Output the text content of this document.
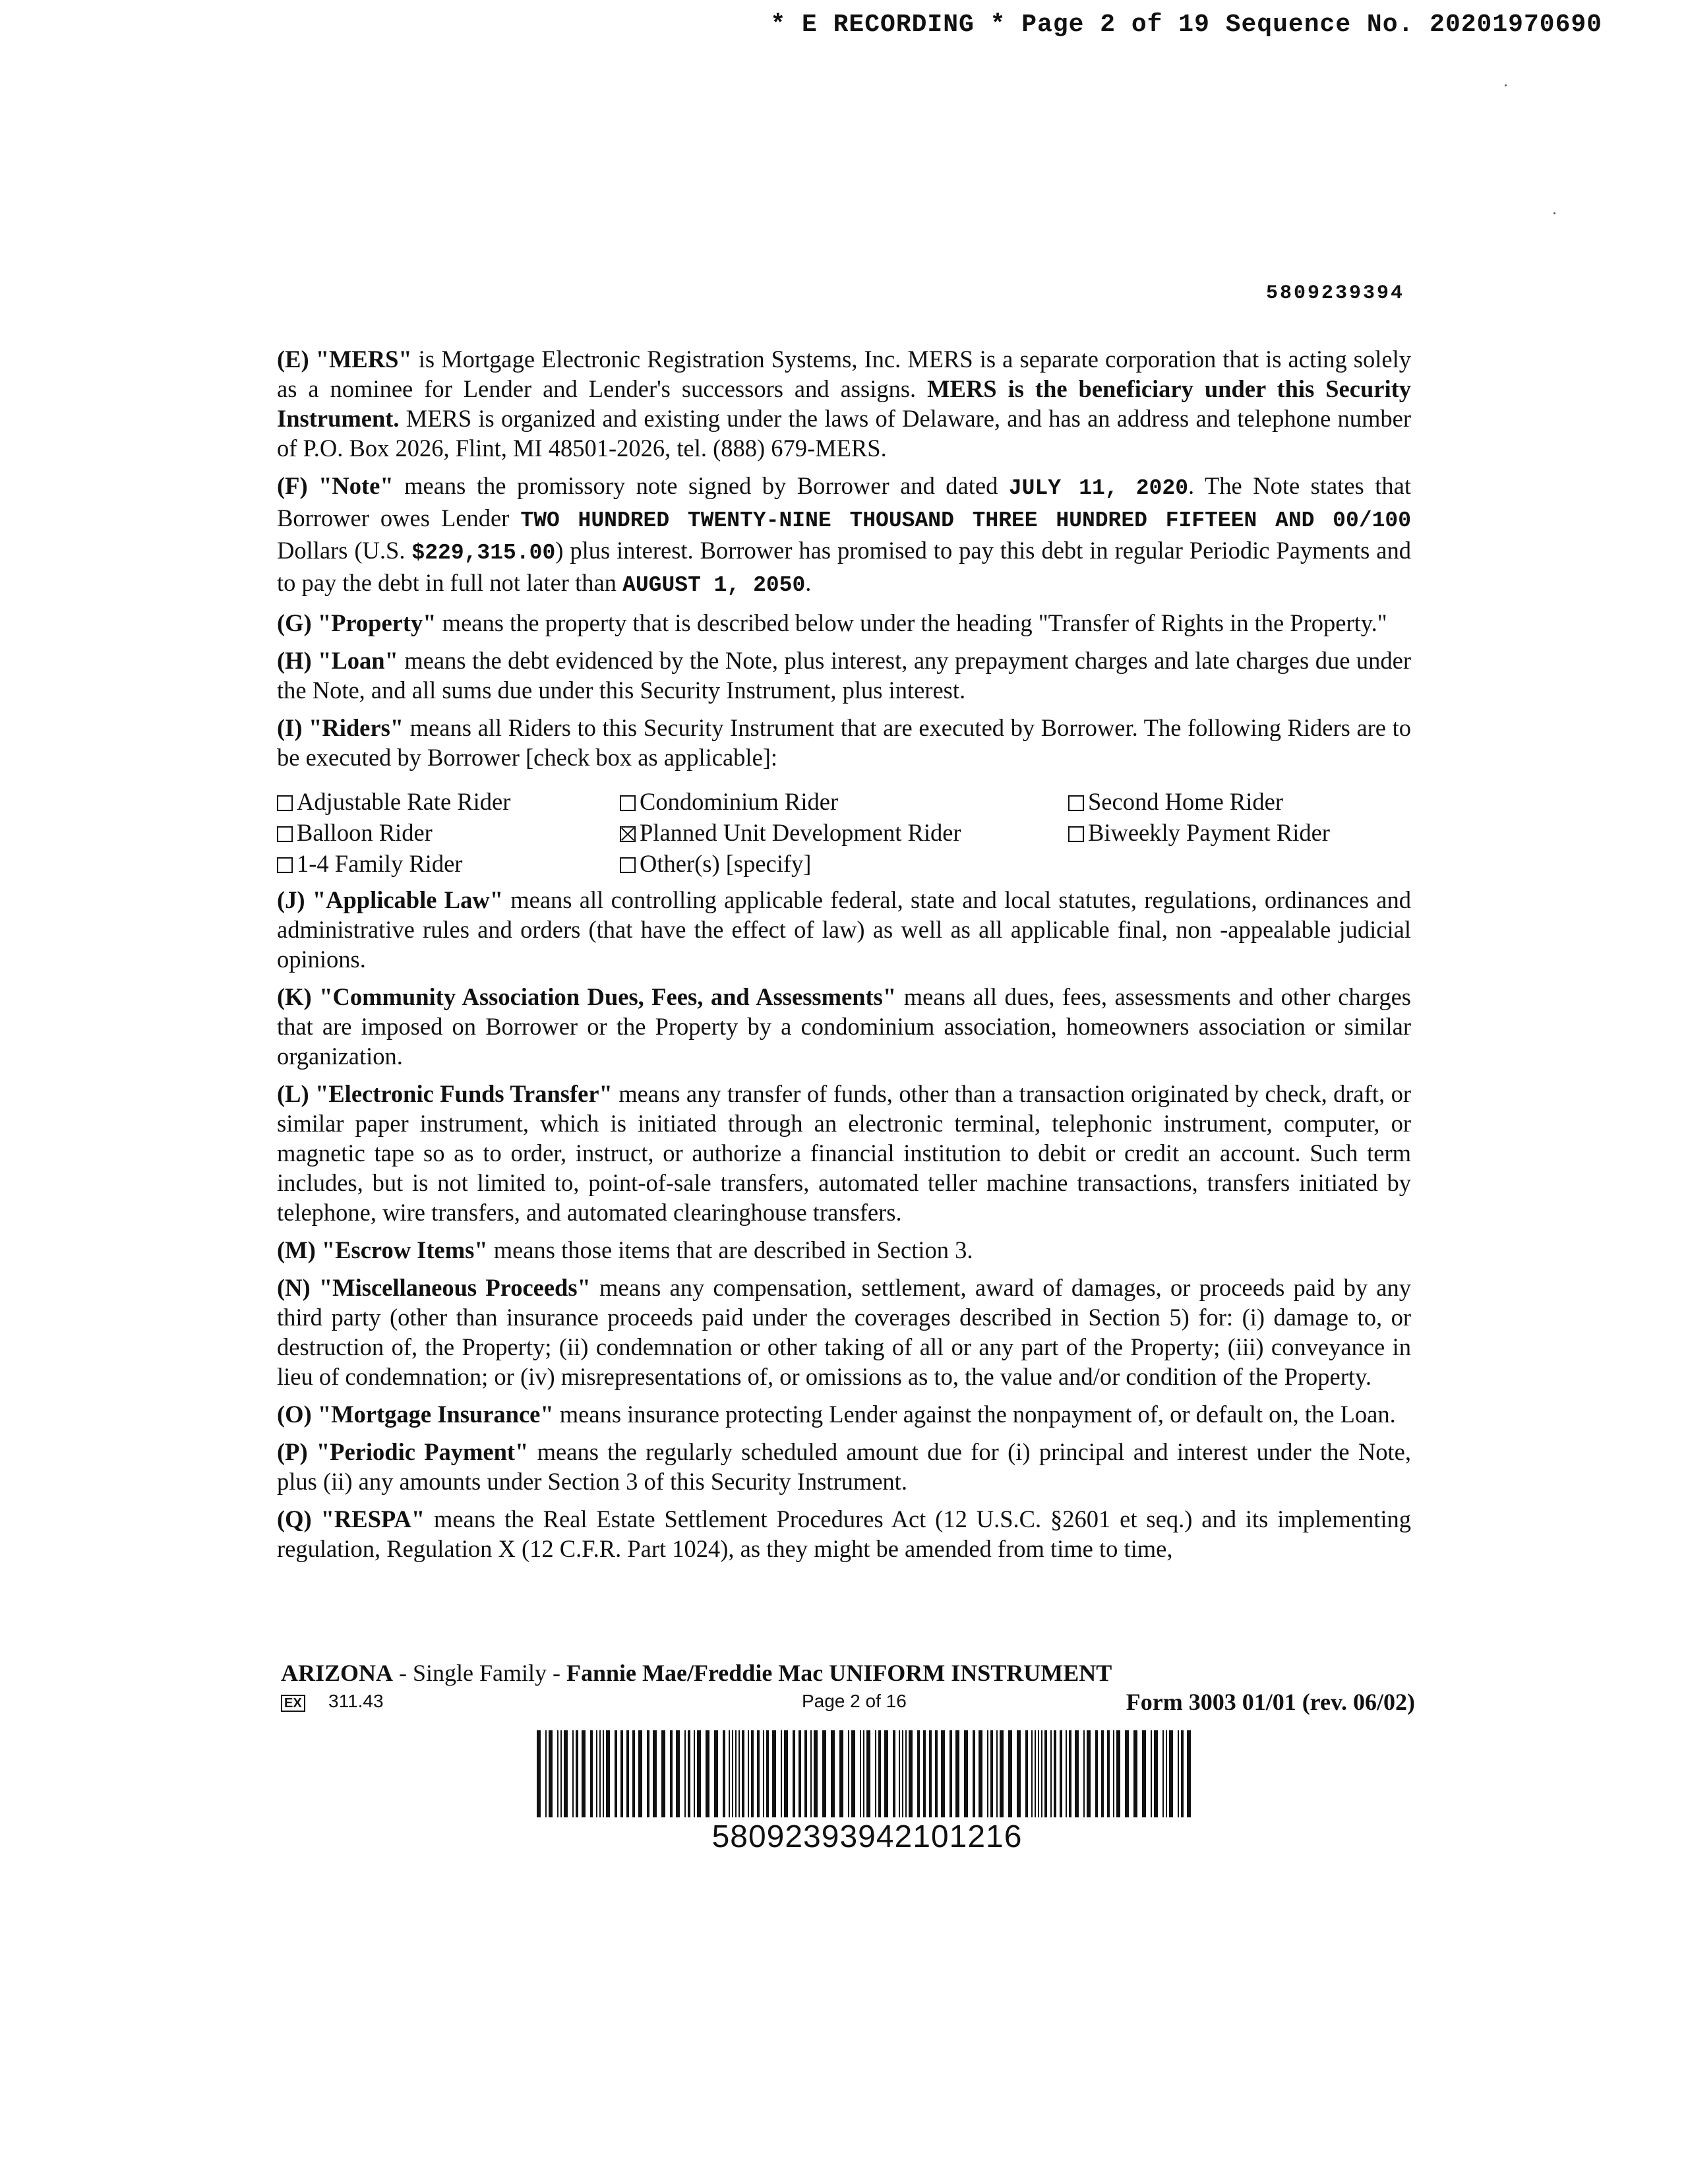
* E RECORDING * Page 2 of 19 Sequence No. 20201970690
5809239394

(E) "MERS" is Mortgage Electronic Registration Systems, Inc. MERS is a separate corporation that is acting solely as a nominee for Lender and Lender's successors and assigns. MERS is the beneficiary under this Security Instrument. MERS is organized and existing under the laws of Delaware, and has an address and telephone number of P.O. Box 2026, Flint, MI 48501-2026, tel. (888) 679-MERS.

(F) "Note" means the promissory note signed by Borrower and dated JULY 11, 2020. The Note states that Borrower owes Lender TWO HUNDRED TWENTY-NINE THOUSAND THREE HUNDRED FIFTEEN AND 00/100 Dollars (U.S. $229,315.00) plus interest. Borrower has promised to pay this debt in regular Periodic Payments and to pay the debt in full not later than AUGUST 1, 2050.

(G) "Property" means the property that is described below under the heading "Transfer of Rights in the Property."

(H) "Loan" means the debt evidenced by the Note, plus interest, any prepayment charges and late charges due under the Note, and all sums due under this Security Instrument, plus interest.

(I) "Riders" means all Riders to this Security Instrument that are executed by Borrower. The following Riders are to be executed by Borrower [check box as applicable]:

Adjustable Rate Rider	Condominium Rider	Second Home Rider
Balloon Rider	Planned Unit Development Rider	Biweekly Payment Rider
1-4 Family Rider	Other(s) [specify]

(J) "Applicable Law" means all controlling applicable federal, state and local statutes, regulations, ordinances and administrative rules and orders (that have the effect of law) as well as all applicable final, non -appealable judicial opinions.

(K) "Community Association Dues, Fees, and Assessments" means all dues, fees, assessments and other charges that are imposed on Borrower or the Property by a condominium association, homeowners association or similar organization.

(L) "Electronic Funds Transfer" means any transfer of funds, other than a transaction originated by check, draft, or similar paper instrument, which is initiated through an electronic terminal, telephonic instrument, computer, or magnetic tape so as to order, instruct, or authorize a financial institution to debit or credit an account. Such term includes, but is not limited to, point-of-sale transfers, automated teller machine transactions, transfers initiated by telephone, wire transfers, and automated clearinghouse transfers.

(M) "Escrow Items" means those items that are described in Section 3.

(N) "Miscellaneous Proceeds" means any compensation, settlement, award of damages, or proceeds paid by any third party (other than insurance proceeds paid under the coverages described in Section 5) for: (i) damage to, or destruction of, the Property; (ii) condemnation or other taking of all or any part of the Property; (iii) conveyance in lieu of condemnation; or (iv) misrepresentations of, or omissions as to, the value and/or condition of the Property.

(O) "Mortgage Insurance" means insurance protecting Lender against the nonpayment of, or default on, the Loan.

(P) "Periodic Payment" means the regularly scheduled amount due for (i) principal and interest under the Note, plus (ii) any amounts under Section 3 of this Security Instrument.

(Q) "RESPA" means the Real Estate Settlement Procedures Act (12 U.S.C. §2601 et seq.) and its implementing regulation, Regulation X (12 C.F.R. Part 1024), as they might be amended from time to time,

ARIZONA - Single Family - Fannie Mae/Freddie Mac UNIFORM INSTRUMENT
EX 311.43	Page 2 of 16	Form 3003 01/01 (rev. 06/02)
58092393942101216
